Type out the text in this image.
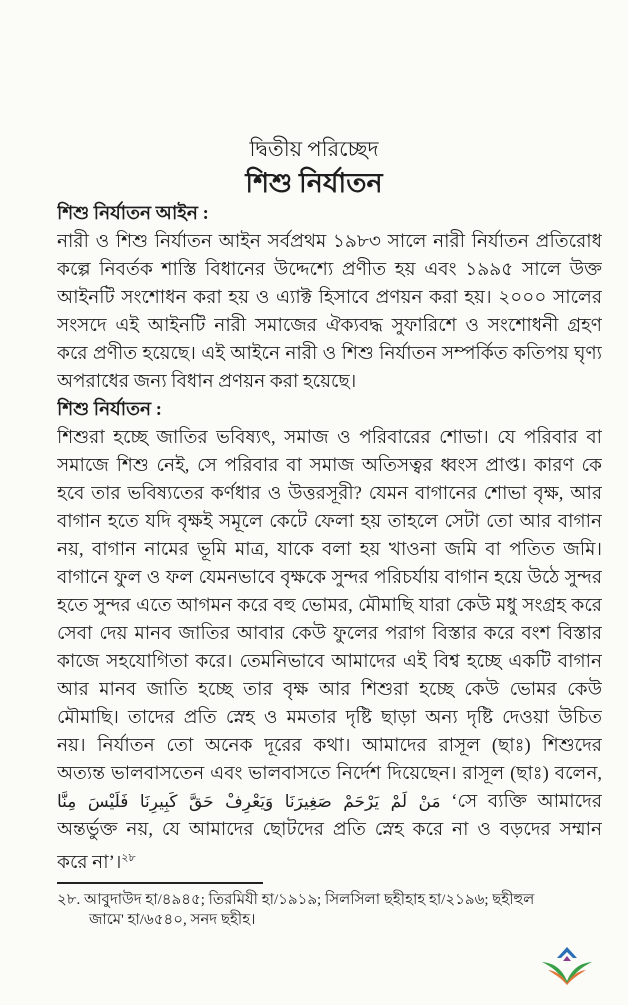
দ্বিতীয় পরিচ্ছেদ
শিশু নির্যাতন
শিশু নির্যাতন আইন :
নারী ও শিশু নির্যাতন আইন সর্বপ্রথম ১৯৮৩ সালে নারী নির্যাতন প্রতিরোধ
কল্পে নিবর্তক শাস্তি বিধানের উদ্দেশ্যে প্রণীত হয় এবং ১৯৯৫ সালে উক্ত
আইনটি সংশোধন করা হয় ও এ্যাক্ট হিসাবে প্রণয়ন করা হয়। ২০০০ সালের
সংসদে এই আইনটি নারী সমাজের ঐক্যবদ্ধ সুফারিশে ও সংশোধনী গ্রহণ
করে প্রণীত হয়েছে। এই আইনে নারী ও শিশু নির্যাতন সম্পর্কিত কতিপয় ঘৃণ্য
অপরাধের জন্য বিধান প্রণয়ন করা হয়েছে।
শিশু নির্যাতন :
শিশুরা হচ্ছে জাতির ভবিষ্যৎ, সমাজ ও পরিবারের শোভা। যে পরিবার বা
সমাজে শিশু নেই, সে পরিবার বা সমাজ অতিসত্বর ধ্বংস প্রাপ্ত। কারণ কে
হবে তার ভবিষ্যতের কর্ণধার ও উত্তরসূরী? যেমন বাগানের শোভা বৃক্ষ, আর
বাগান হতে যদি বৃক্ষই সমূলে কেটে ফেলা হয় তাহলে সেটা তো আর বাগান
নয়, বাগান নামের ভূমি মাত্র, যাকে বলা হয় খাওনা জমি বা পতিত জমি।
বাগানে ফুল ও ফল যেমনভাবে বৃক্ষকে সুন্দর পরিচর্যায় বাগান হয়ে উঠে সুন্দর
হতে সুন্দর এতে আগমন করে বহু ভোমর, মৌমাছি যারা কেউ মধু সংগ্রহ করে
সেবা দেয় মানব জাতির আবার কেউ ফুলের পরাগ বিস্তার করে বংশ বিস্তার
কাজে সহযোগিতা করে। তেমনিভাবে আমাদের এই বিশ্ব হচ্ছে একটি বাগান
আর মানব জাতি হচ্ছে তার বৃক্ষ আর শিশুরা হচ্ছে কেউ ভোমর কেউ
মৌমাছি। তাদের প্রতি স্নেহ ও মমতার দৃষ্টি ছাড়া অন্য দৃষ্টি দেওয়া উচিত
নয়। নির্যাতন তো অনেক দূরের কথা। আমাদের রাসূল (ছাঃ) শিশুদের
অত্যন্ত ভালবাসতেন এবং ভালবাসতে নির্দেশ দিয়েছেন। রাসূল (ছাঃ) বলেন,
مَنْ لَمْ يَرْحَمْ صَغِيرَنَا وَيَعْرِفْ حَقَّ كَبِيرِنَا فَلَيْسَ مِنَّا ‘সে ব্যক্তি আমাদের
অন্তর্ভুক্ত নয়, যে আমাদের ছোটদের প্রতি স্নেহ করে না ও বড়দের সম্মান
করে না’।$^{২৮}$
২৮. আবুদাউদ হা/৪৯৪৫; তিরমিযী হা/১৯১৯; সিলসিলা ছহীহাহ হা/২১৯৬; ছহীহুল
জামে' হা/৬৫৪০, সনদ ছহীহ।
